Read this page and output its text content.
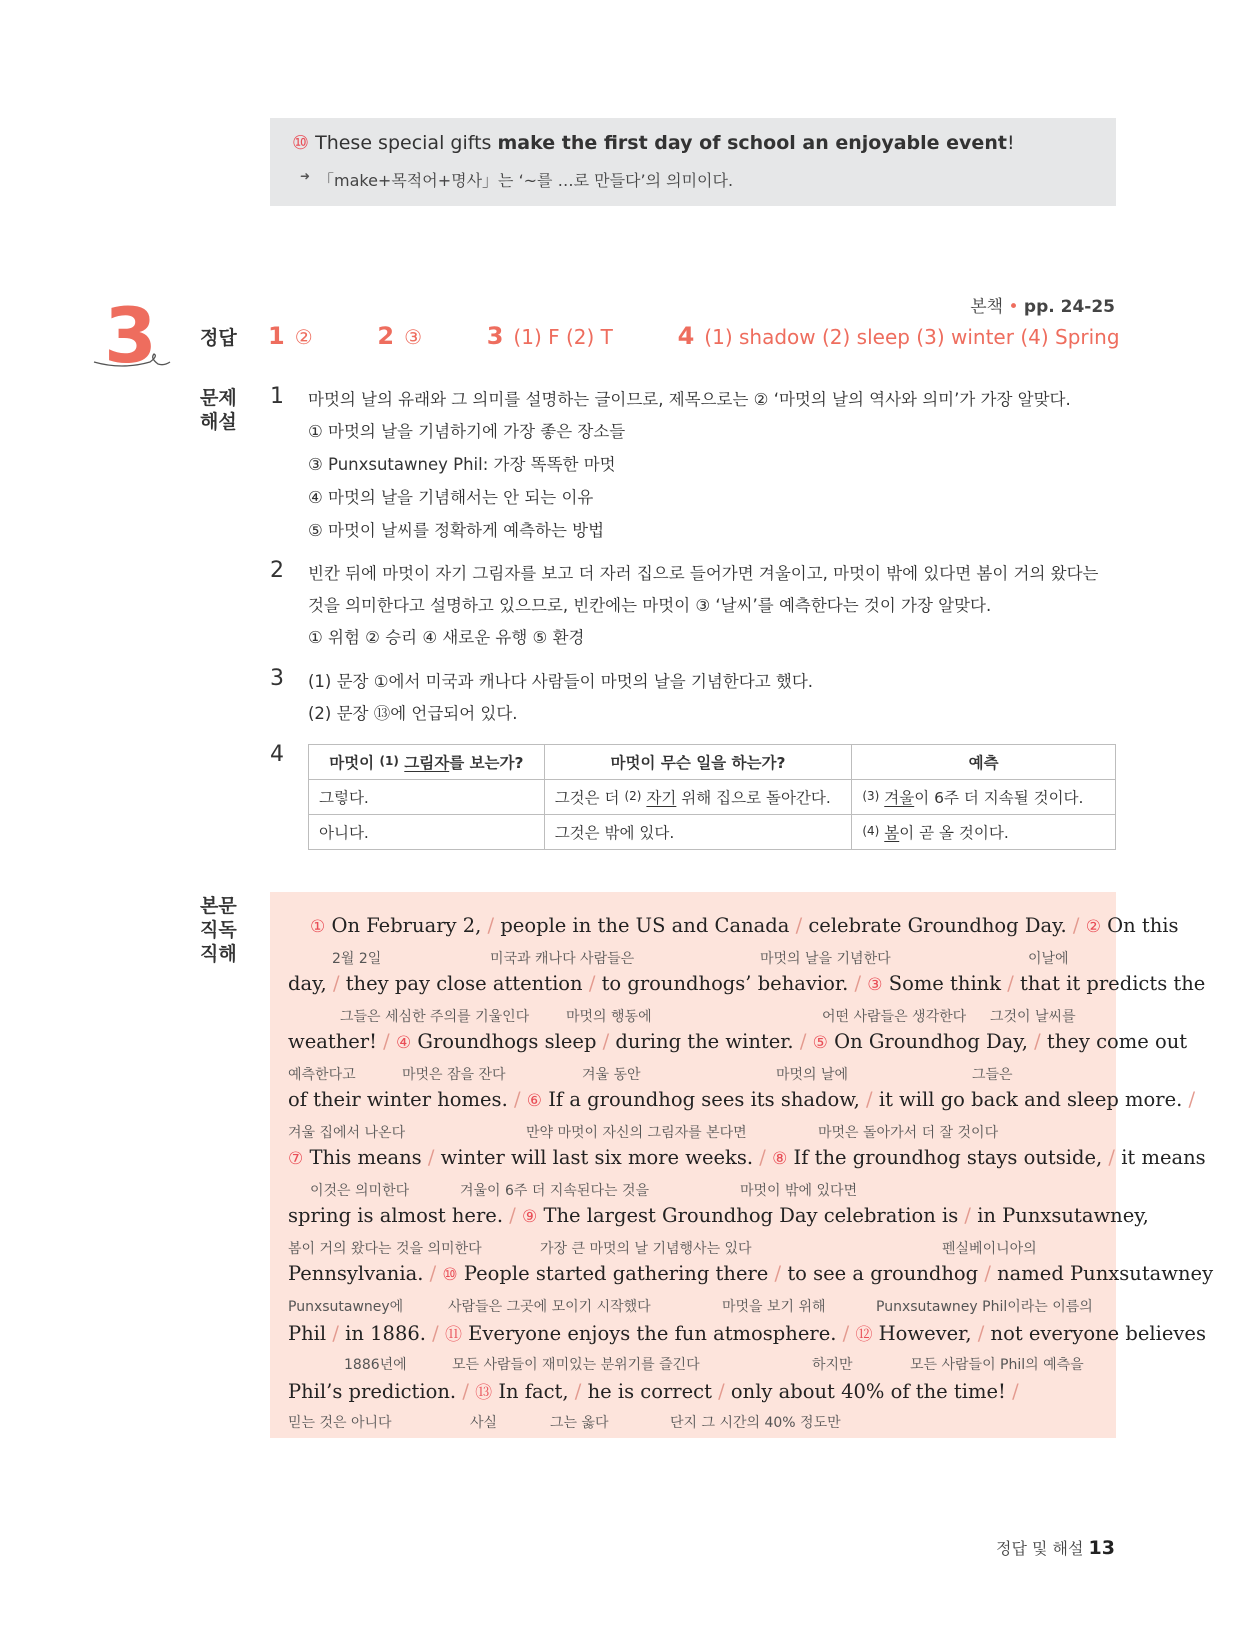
⑩ These special gifts make the first day of school an enjoyable event!
➜ 「make+목적어+명사」는 ‘~를 …로 만들다’의 의미이다.
3	본책 • pp. 24-25
정답
문제
해설
본문
직독
직해
1 ②	2 ③	3 (1) F (2) T	4 (1) shadow (2) sleep (3) winter (4) Spring
1 마멋의 날의 유래와 그 의미를 설명하는 글이므로, 제목으로는 ② ‘마멋의 날의 역사와 의미’가 가장 알맞다.
① 마멋의 날을 기념하기에 가장 좋은 장소들
③ Punxsutawney Phil: 가장 똑똑한 마멋
④ 마멋의 날을 기념해서는 안 되는 이유
⑤ 마멋이 날씨를 정확하게 예측하는 방법
2 빈칸 뒤에 마멋이 자기 그림자를 보고 더 자러 집으로 들어가면 겨울이고, 마멋이 밖에 있다면 봄이 거의 왔다는
것을 의미한다고 설명하고 있으므로, 빈칸에는 마멋이 ③ ‘날씨’를 예측한다는 것이 가장 알맞다.
① 위험 ② 승리 ④ 새로운 유행 ⑤ 환경
3 (1) 문장 ①에서 미국과 캐나다 사람들이 마멋의 날을 기념한다고 했다.
(2) 문장 ⑬에 언급되어 있다.
4	마멋이 $^{(1)}$ 그림자를 보는가?	마멋이 무슨 일을 하는가?	예측
그렇다.	그것은 더 $^{(2)}$ 자기 위해 집으로 돌아간다.	$^{(3)}$ 겨울이 6주 더 지속될 것이다.
아니다.	그것은 밖에 있다.	$^{(4)}$ 봄이 곧 올 것이다.
① On February 2, / people in the US and Canada / celebrate Groundhog Day. / ② On this
2월 2일	미국과 캐나다 사람들은	마멋의 날을 기념한다	이날에
day, / they pay close attention / to groundhogs’ behavior. / ③ Some think / that it predicts the
그들은 세심한 주의를 기울인다	마멋의 행동에	어떤 사람들은 생각한다 그것이 날씨를
weather! / ④ Groundhogs sleep / during the winter. / ⑤ On Groundhog Day, / they come out
예측한다고	마멋은 잠을 잔다	겨울 동안	마멋의 날에	그들은
of their winter homes. / ⑥ If a groundhog sees its shadow, / it will go back and sleep more. /
겨울 집에서 나온다	만약 마멋이 자신의 그림자를 본다면	마멋은 돌아가서 더 잘 것이다
⑦ This means / winter will last six more weeks. / ⑧ If the groundhog stays outside, / it means
이것은 의미한다	겨울이 6주 더 지속된다는 것을	마멋이 밖에 있다면
spring is almost here. / ⑨ The largest Groundhog Day celebration is / in Punxsutawney,
봄이 거의 왔다는 것을 의미한다	가장 큰 마멋의 날 기념행사는 있다	펜실베이니아의
Pennsylvania. / ⑩ People started gathering there / to see a groundhog / named Punxsutawney
Punxsutawney에	사람들은 그곳에 모이기 시작했다	마멋을 보기 위해	Punxsutawney Phil이라는 이름의
Phil / in 1886. / ⑪ Everyone enjoys the fun atmosphere. / ⑫ However, / not everyone believes
1886년에	모든 사람들이 재미있는 분위기를 즐긴다	하지만	모든 사람들이 Phil의 예측을
Phil’s prediction. / ⑬ In fact, / he is correct / only about 40% of the time! /
믿는 것은 아니다	사실	그는 옳다	단지 그 시간의 40% 정도만
정답 및 해설 13
